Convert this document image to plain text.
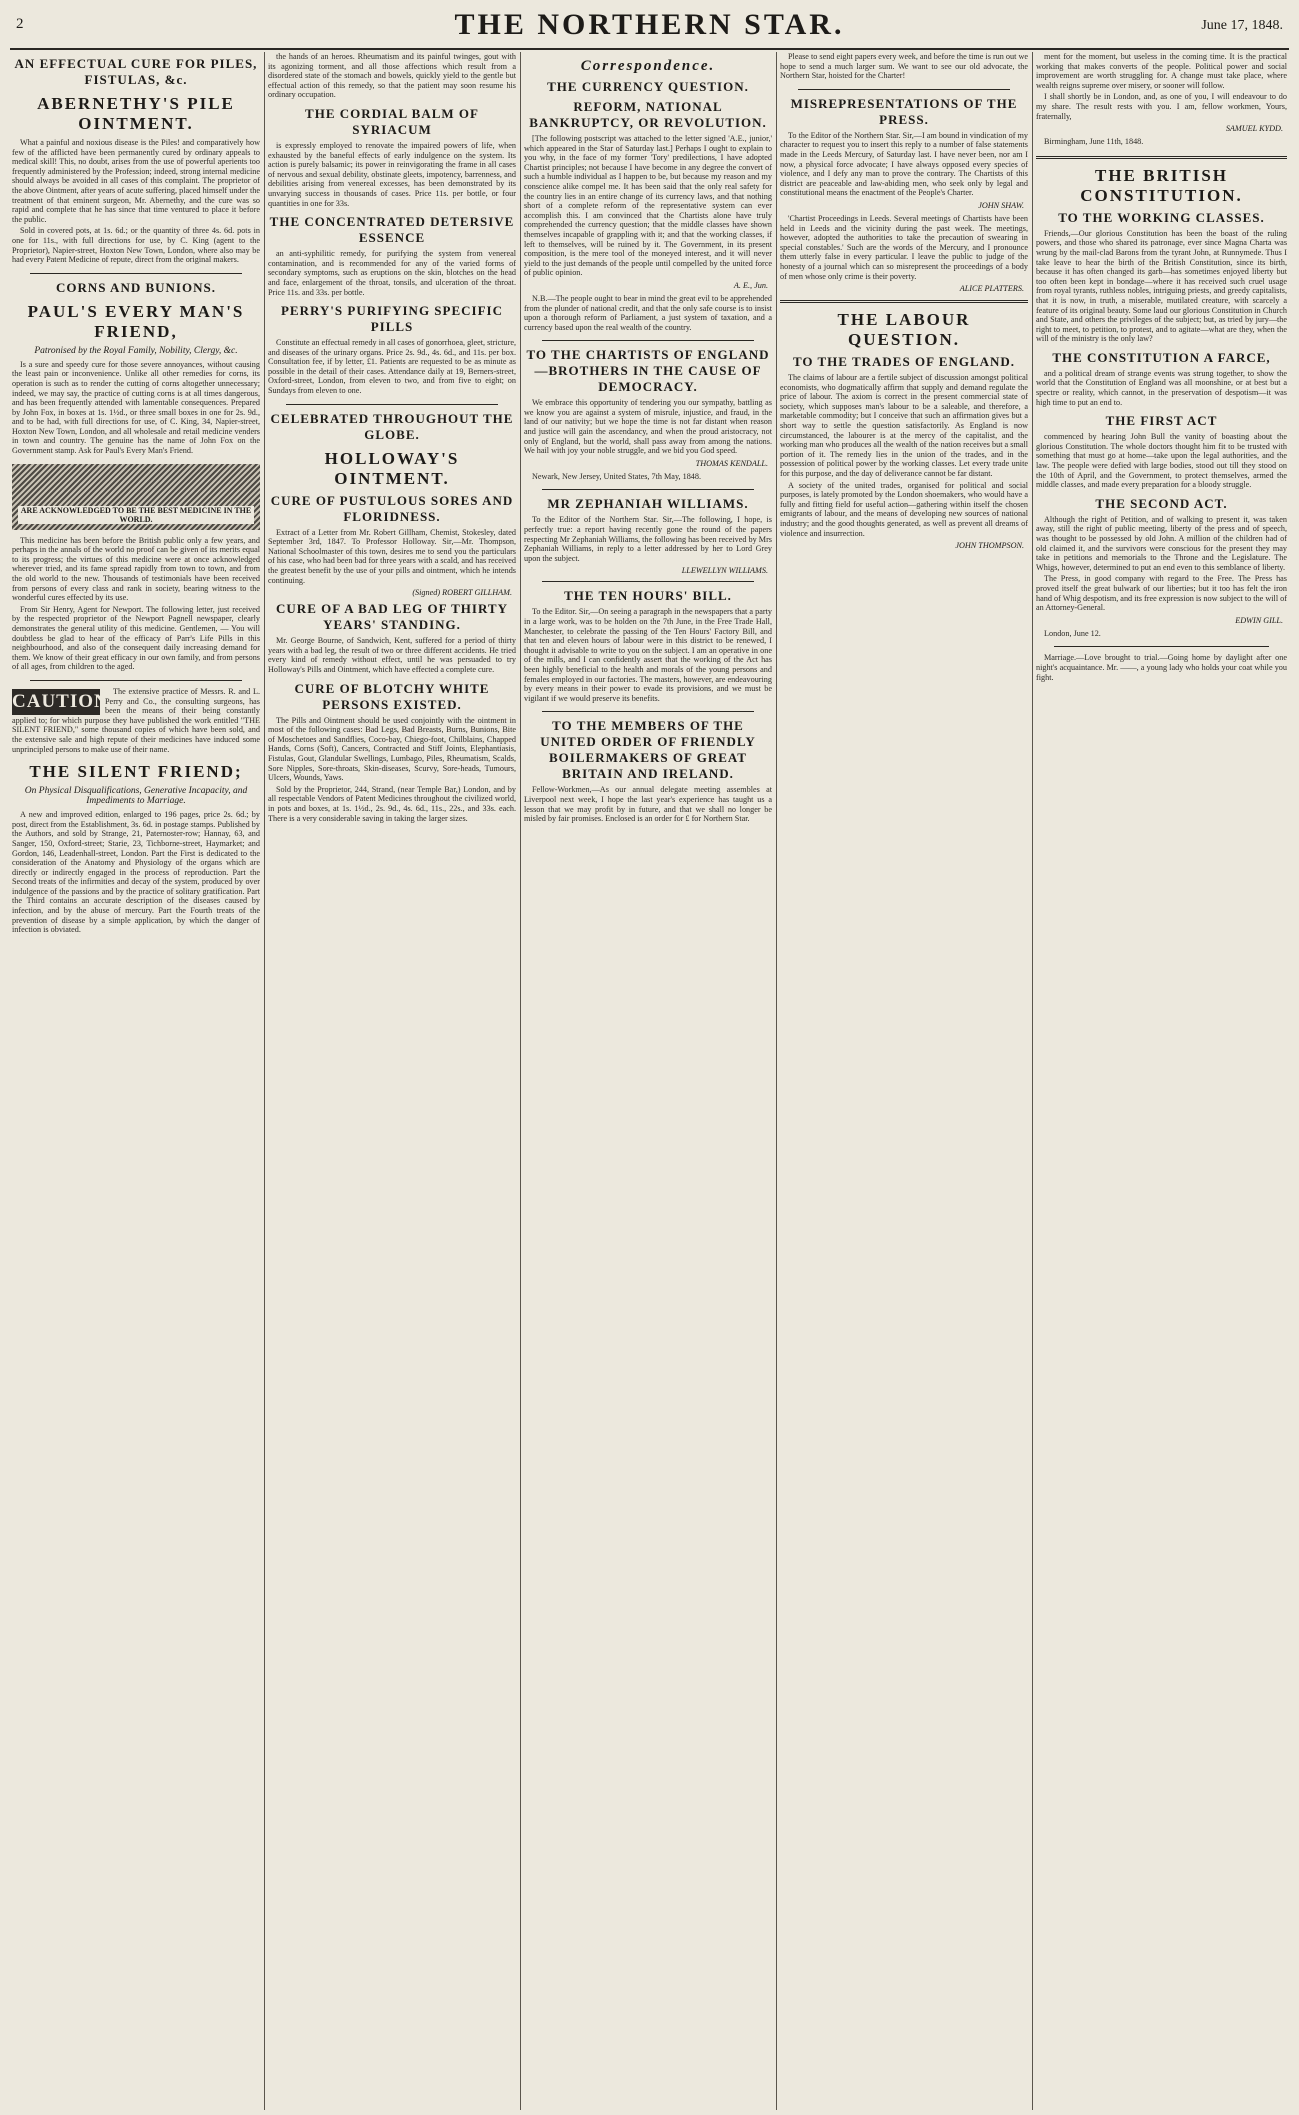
2	THE NORTHERN STAR.	June 17, 1848.
AN EFFECTUAL CURE FOR PILES, FISTULAS, &c.
ABERNETHY'S PILE OINTMENT.

What a painful and noxious disease is the Piles! and comparatively how few of the afflicted have been permanently cured by ordinary appeals to medical skill! This, no doubt, arises from the use of powerful aperients too frequently administered by the Profession; indeed, strong internal medicine should always be avoided in all cases of this complaint. The proprietor of the above Ointment, after years of acute suffering, placed himself under the treatment of that eminent surgeon, Mr. Abernethy, and the cure was so rapid and complete that he has since that time ventured to place it before the public.

Sold in covered pots, at 1s. 6d.; or the quantity of three 4s. 6d. pots in one for 11s., with full directions for use, by C. King (agent to the Proprietor), Napier-street, Hoxton New Town, London, where also may be had every Patent Medicine of repute, direct from the original makers.

CORNS AND BUNIONS.
PAUL'S EVERY MAN'S FRIEND,
Patronised by the Royal Family, Nobility, Clergy, &c.

Is a sure and speedy cure for those severe annoyances, without causing the least pain or inconvenience. Unlike all other remedies for corns, its operation is such as to render the cutting of corns altogether unnecessary; indeed, we may say, the practice of cutting corns is at all times dangerous, and has been frequently attended with lamentable consequences. Prepared by John Fox, in boxes at 1s. 1½d., or three small boxes in one for 2s. 9d., and to be had, with full directions for use, of C. King, 34, Napier-street, Hoxton New Town, London, and all wholesale and retail medicine venders in town and country. The genuine has the name of John Fox on the Government stamp. Ask for Paul's Every Man's Friend.

ARE ACKNOWLEDGED TO BE THE BEST MEDICINE IN THE WORLD.

This medicine has been before the British public only a few years, and perhaps in the annals of the world no proof can be given of its merits equal to its progress; the virtues of this medicine were at once acknowledged wherever tried, and its fame spread rapidly from town to town, and from the old world to the new. Thousands of testimonials have been received from persons of every class and rank in society, bearing witness to the wonderful cures effected by its use.

From Sir Henry, Agent for Newport. The following letter, just received by the respected proprietor of the Newport Pagnell newspaper, clearly demonstrates the general utility of this medicine. Gentlemen, — You will doubtless be glad to hear of the efficacy of Parr's Life Pills in this neighbourhood, and also of the consequent daily increasing demand for them. We know of their great efficacy in our own family, and from persons of all ages, from children to the aged.

CAUTION The extensive practice of Messrs. R. and L. Perry and Co., the consulting surgeons, has been the means of their being constantly applied to; for which purpose they have published the work entitled "THE SILENT FRIEND," some thousand copies of which have been sold, and the extensive sale and high repute of their medicines have induced some unprincipled persons to make use of their name.

THE SILENT FRIEND;
On Physical Disqualifications, Generative Incapacity, and Impediments to Marriage.

A new and improved edition, enlarged to 196 pages, price 2s. 6d.; by post, direct from the Establishment, 3s. 6d. in postage stamps. Published by the Authors, and sold by Strange, 21, Paternoster-row; Hannay, 63, and Sanger, 150, Oxford-street; Starie, 23, Tichborne-street, Haymarket; and Gordon, 146, Leadenhall-street, London. Part the First is dedicated to the consideration of the Anatomy and Physiology of the organs which are directly or indirectly engaged in the process of reproduction. Part the Second treats of the infirmities and decay of the system, produced by over indulgence of the passions and by the practice of solitary gratification. Part the Third contains an accurate description of the diseases caused by infection, and by the abuse of mercury. Part the Fourth treats of the prevention of disease by a simple application, by which the danger of infection is obviated.

the hands of an heroes. Rheumatism and its painful twinges, gout with its agonizing torment, and all those affections which result from a disordered state of the stomach and bowels, quickly yield to the gentle but effectual action of this remedy, so that the patient may soon resume his ordinary occupation.

THE CORDIAL BALM OF SYRIACUM

is expressly employed to renovate the impaired powers of life, when exhausted by the baneful effects of early indulgence on the system. Its action is purely balsamic; its power in reinvigorating the frame in all cases of nervous and sexual debility, obstinate gleets, impotency, barrenness, and debilities arising from venereal excesses, has been demonstrated by its unvarying success in thousands of cases. Price 11s. per bottle, or four quantities in one for 33s.

THE CONCENTRATED DETERSIVE ESSENCE

an anti-syphilitic remedy, for purifying the system from venereal contamination, and is recommended for any of the varied forms of secondary symptoms, such as eruptions on the skin, blotches on the head and face, enlargement of the throat, tonsils, and ulceration of the throat. Price 11s. and 33s. per bottle.

PERRY'S PURIFYING SPECIFIC PILLS

Constitute an effectual remedy in all cases of gonorrhoea, gleet, stricture, and diseases of the urinary organs. Price 2s. 9d., 4s. 6d., and 11s. per box. Consultation fee, if by letter, £1. Patients are requested to be as minute as possible in the detail of their cases. Attendance daily at 19, Berners-street, Oxford-street, London, from eleven to two, and from five to eight; on Sundays from eleven to one.

CELEBRATED THROUGHOUT THE GLOBE.
HOLLOWAY'S OINTMENT.
CURE OF PUSTULOUS SORES AND FLORIDNESS.

Extract of a Letter from Mr. Robert Gillham, Chemist, Stokesley, dated September 3rd, 1847. To Professor Holloway. Sir,—Mr. Thompson, National Schoolmaster of this town, desires me to send you the particulars of his case, who had been bad for three years with a scald, and has received the greatest benefit by the use of your pills and ointment, which he intends continuing.

(Signed) ROBERT GILLHAM.
CURE OF A BAD LEG OF THIRTY YEARS' STANDING.

Mr. George Bourne, of Sandwich, Kent, suffered for a period of thirty years with a bad leg, the result of two or three different accidents. He tried every kind of remedy without effect, until he was persuaded to try Holloway's Pills and Ointment, which have effected a complete cure.

CURE OF BLOTCHY WHITE PERSONS EXISTED.

The Pills and Ointment should be used conjointly with the ointment in most of the following cases: Bad Legs, Bad Breasts, Burns, Bunions, Bite of Moschetoes and Sandflies, Coco-bay, Chiego-foot, Chilblains, Chapped Hands, Corns (Soft), Cancers, Contracted and Stiff Joints, Elephantiasis, Fistulas, Gout, Glandular Swellings, Lumbago, Piles, Rheumatism, Scalds, Sore Nipples, Sore-throats, Skin-diseases, Scurvy, Sore-heads, Tumours, Ulcers, Wounds, Yaws.

Sold by the Proprietor, 244, Strand, (near Temple Bar,) London, and by all respectable Vendors of Patent Medicines throughout the civilized world, in pots and boxes, at 1s. 1½d., 2s. 9d., 4s. 6d., 11s., 22s., and 33s. each. There is a very considerable saving in taking the larger sizes.

Correspondence.
THE CURRENCY QUESTION.
REFORM, NATIONAL BANKRUPTCY, OR REVOLUTION.

[The following postscript was attached to the letter signed 'A.E., junior,' which appeared in the Star of Saturday last.] Perhaps I ought to explain to you why, in the face of my former 'Tory' predilections, I have adopted Chartist principles; not because I have become in any degree the convert of such a humble individual as I happen to be, but because my reason and my conscience alike compel me. It has been said that the only real safety for the country lies in an entire change of its currency laws, and that nothing short of a complete reform of the representative system can ever accomplish this. I am convinced that the Chartists alone have truly comprehended the currency question; that the middle classes have shown themselves incapable of grappling with it; and that the working classes, if left to themselves, will be ruined by it. The Government, in its present composition, is the mere tool of the moneyed interest, and it will never yield to the just demands of the people until compelled by the united force of public opinion.

A. E., Jun.

N.B.—The people ought to bear in mind the great evil to be apprehended from the plunder of national credit, and that the only safe course is to insist upon a thorough reform of Parliament, a just system of taxation, and a currency based upon the real wealth of the country.

TO THE CHARTISTS OF ENGLAND—BROTHERS IN THE CAUSE OF DEMOCRACY.

We embrace this opportunity of tendering you our sympathy, battling as we know you are against a system of misrule, injustice, and fraud, in the land of our nativity; but we hope the time is not far distant when reason and justice will gain the ascendancy, and when the proud aristocracy, not only of England, but the world, shall pass away from among the nations. We hail with joy your noble struggle, and we bid you God speed.

THOMAS KENDALL.

Newark, New Jersey, United States, 7th May, 1848.

MR ZEPHANIAH WILLIAMS.

To the Editor of the Northern Star. Sir,—The following, I hope, is perfectly true: a report having recently gone the round of the papers respecting Mr Zephaniah Williams, the following has been received by Mrs Zephaniah Williams, in reply to a letter addressed by her to Lord Grey upon the subject.

LLEWELLYN WILLIAMS.
THE TEN HOURS' BILL.

To the Editor. Sir,—On seeing a paragraph in the newspapers that a party in a large work, was to be holden on the 7th June, in the Free Trade Hall, Manchester, to celebrate the passing of the Ten Hours' Factory Bill, and that ten and eleven hours of labour were in this district to be renewed, I thought it advisable to write to you on the subject. I am an operative in one of the mills, and I can confidently assert that the working of the Act has been highly beneficial to the health and morals of the young persons and females employed in our factories. The masters, however, are endeavouring by every means in their power to evade its provisions, and we must be vigilant if we would preserve its benefits.

TO THE MEMBERS OF THE UNITED ORDER OF FRIENDLY BOILERMAKERS OF GREAT BRITAIN AND IRELAND.

Fellow-Workmen,—As our annual delegate meeting assembles at Liverpool next week, I hope the last year's experience has taught us a lesson that we may profit by in future, and that we shall no longer be misled by fair promises. Enclosed is an order for £ for Northern Star.

Please to send eight papers every week, and before the time is run out we hope to send a much larger sum. We want to see our old advocate, the Northern Star, hoisted for the Charter!

MISREPRESENTATIONS OF THE PRESS.

To the Editor of the Northern Star. Sir,—I am bound in vindication of my character to request you to insert this reply to a number of false statements made in the Leeds Mercury, of Saturday last. I have never been, nor am I now, a physical force advocate; I have always opposed every species of violence, and I defy any man to prove the contrary. The Chartists of this district are peaceable and law-abiding men, who seek only by legal and constitutional means the enactment of the People's Charter.

JOHN SHAW.

'Chartist Proceedings in Leeds. Several meetings of Chartists have been held in Leeds and the vicinity during the past week. The meetings, however, adopted the authorities to take the precaution of swearing in special constables.' Such are the words of the Mercury, and I pronounce them utterly false in every particular. I leave the public to judge of the honesty of a journal which can so misrepresent the proceedings of a body of men whose only crime is their poverty.

ALICE PLATTERS.
THE LABOUR QUESTION.
TO THE TRADES OF ENGLAND.

The claims of labour are a fertile subject of discussion amongst political economists, who dogmatically affirm that supply and demand regulate the price of labour. The axiom is correct in the present commercial state of society, which supposes man's labour to be a saleable, and therefore, a marketable commodity; but I conceive that such an affirmation gives but a short way to settle the question satisfactorily. As England is now circumstanced, the labourer is at the mercy of the capitalist, and the working man who produces all the wealth of the nation receives but a small portion of it. The remedy lies in the union of the trades, and in the possession of political power by the working classes. Let every trade unite for this purpose, and the day of deliverance cannot be far distant.

A society of the united trades, organised for political and social purposes, is lately promoted by the London shoemakers, who would have a fully and fitting field for useful action—gathering within itself the chosen emigrants of labour, and the means of developing new sources of national industry; and the good thoughts generated, as well as prevent all dreams of violence and insurrection.

JOHN THOMPSON.

ment for the moment, but useless in the coming time. It is the practical working that makes converts of the people. Political power and social improvement are worth struggling for. A change must take place, where wealth reigns supreme over misery, or sooner will follow.

I shall shortly be in London, and, as one of you, I will endeavour to do my share. The result rests with you. I am, fellow workmen, Yours, fraternally,

SAMUEL KYDD.

Birmingham, June 11th, 1848.

THE BRITISH CONSTITUTION.
TO THE WORKING CLASSES.

Friends,—Our glorious Constitution has been the boast of the ruling powers, and those who shared its patronage, ever since Magna Charta was wrung by the mail-clad Barons from the tyrant John, at Runnymede. Thus I take leave to hear the birth of the British Constitution, since its birth, because it has often changed its garb—has sometimes enjoyed liberty but too often been kept in bondage—where it has received such cruel usage from royal tyrants, ruthless nobles, intriguing priests, and greedy capitalists, that it is now, in truth, a miserable, mutilated creature, with scarcely a feature of its original beauty. Some laud our glorious Constitution in Church and State, and others the privileges of the subject; but, as tried by jury—the right to meet, to petition, to protest, and to agitate—what are they, when the will of the ministry is the only law?

THE CONSTITUTION A FARCE,

and a political dream of strange events was strung together, to show the world that the Constitution of England was all moonshine, or at best but a spectre or reality, which cannot, in the preservation of despotism—it was high time to put an end to.

THE FIRST ACT

commenced by hearing John Bull the vanity of boasting about the glorious Constitution. The whole doctors thought him fit to be trusted with something that must go at home—take upon the legal authorities, and the law. The people were defied with large bodies, stood out till they stood on the 10th of April, and the Government, to protect themselves, armed the middle classes, and made every preparation for a bloody struggle.

THE SECOND ACT.

Although the right of Petition, and of walking to present it, was taken away, still the right of public meeting, liberty of the press and of speech, was thought to be possessed by old John. A million of the children had of old claimed it, and the survivors were conscious for the present they may take in petitions and memorials to the Throne and the Legislature. The Whigs, however, determined to put an end even to this semblance of liberty.

The Press, in good company with regard to the Free. The Press has proved itself the great bulwark of our liberties; but it too has felt the iron hand of Whig despotism, and its free expression is now subject to the will of an Attorney-General.

EDWIN GILL.

London, June 12.

Marriage.—Love brought to trial.—Going home by daylight after one night's acquaintance. Mr. ——, a young lady who holds your coat while you fight.
